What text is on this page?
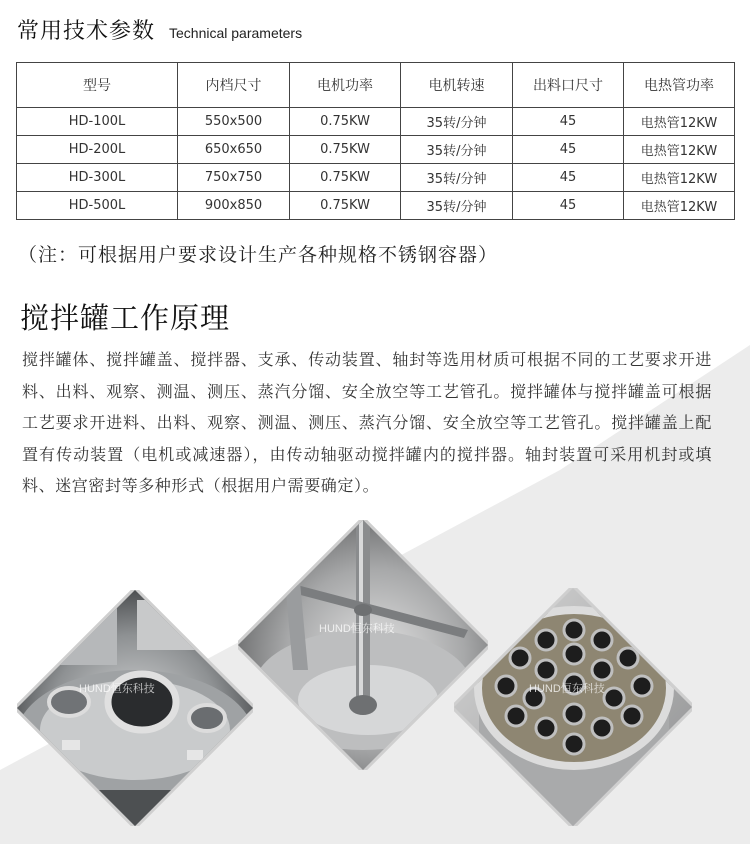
常用技术参数 Technical parameters
型号	内档尺寸	电机功率	电机转速	出料口尺寸	电热管功率
HD-100L	550x500	0.75KW	35转/分钟	45	电热管12KW
HD-200L	650x650	0.75KW	35转/分钟	45	电热管12KW
HD-300L	750x750	0.75KW	35转/分钟	45	电热管12KW
HD-500L	900x850	0.75KW	35转/分钟	45	电热管12KW
（注：可根据用户要求设计生产各种规格不锈钢容器）
搅拌罐工作原理
搅拌罐体、搅拌罐盖、搅拌器、支承、传动装置、轴封等选用材质可根据不同的工艺要求开进料、出料、观察、测温、测压、蒸汽分馏、安全放空等工艺管孔。搅拌罐体与搅拌罐盖可根据工艺要求开进料、出料、观察、测温、测压、蒸汽分馏、安全放空等工艺管孔。搅拌罐盖上配置有传动装置（电机或减速器），由传动轴驱动搅拌罐内的搅拌器。轴封装置可采用机封或填料、迷宫密封等多种形式（根据用户需要确定）。
HUND恒东科技
HUND恒东科技
HUND恒东科技
